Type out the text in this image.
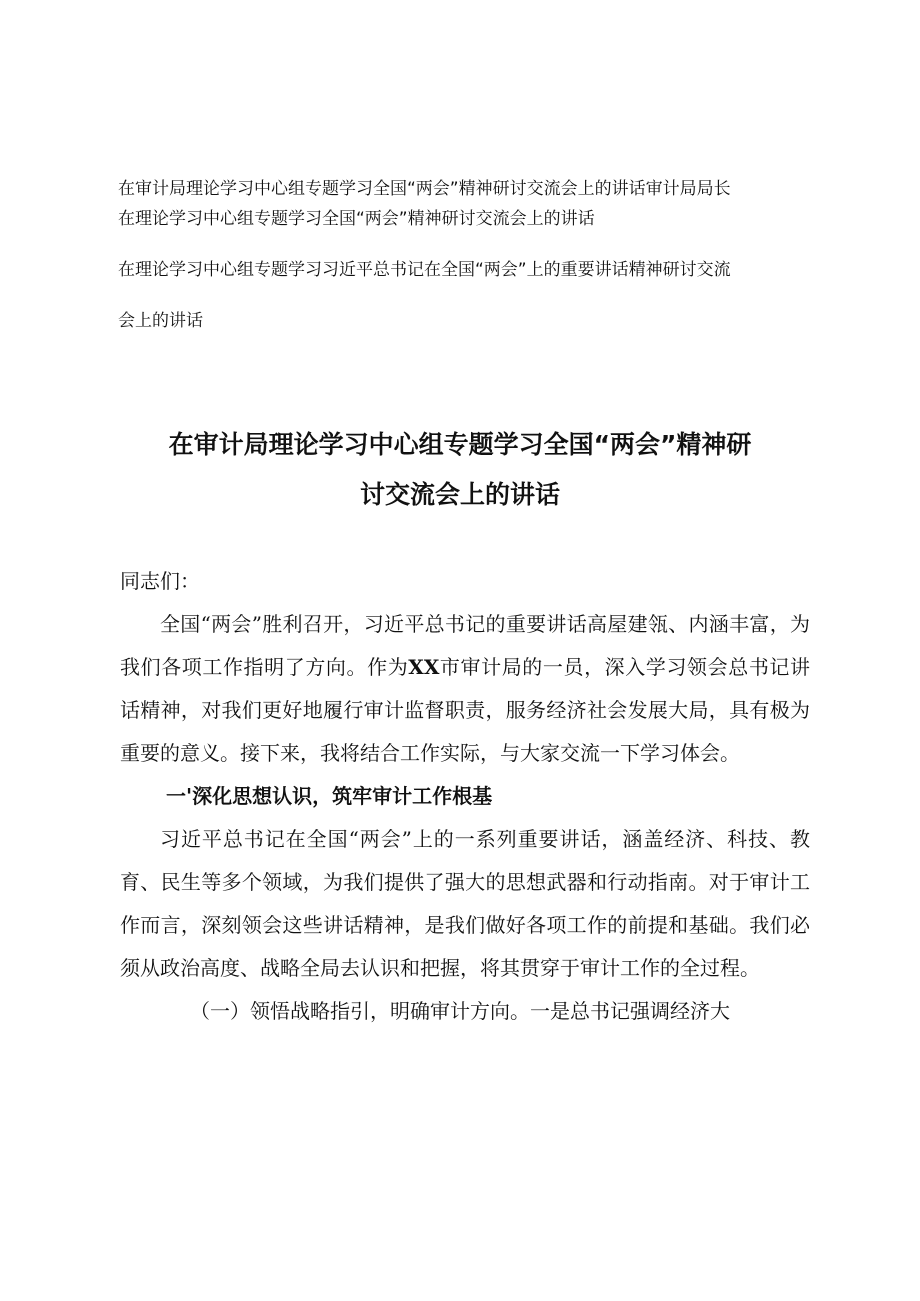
在审计局理论学习中心组专题学习全国“两会”精神研讨交流会上的讲话审计局局长
在理论学习中心组专题学习全国“两会”精神研讨交流会上的讲话
在理论学习中心组专题学习习近平总书记在全国“两会”上的重要讲话精神研讨交流
会上的讲话
在审计局理论学习中心组专题学习全国“两会”精神研
讨交流会上的讲话

同志们：

全国“两会”胜利召开，习近平总书记的重要讲话高屋建瓴、内涵丰富，为我们各项工作指明了方向。作为XX市审计局的一员，深入学习领会总书记讲话精神，对我们更好地履行审计监督职责，服务经济社会发展大局，具有极为重要的意义。接下来，我将结合工作实际，与大家交流一下学习体会。

一'深化思想认识，筑牢审计工作根基

习近平总书记在全国“两会”上的一系列重要讲话，涵盖经济、科技、教育、民生等多个领域，为我们提供了强大的思想武器和行动指南。对于审计工作而言，深刻领会这些讲话精神，是我们做好各项工作的前提和基础。我们必须从政治高度、战略全局去认识和把握，将其贯穿于审计工作的全过程。

（一）领悟战略指引，明确审计方向。一是总书记强调经济大
